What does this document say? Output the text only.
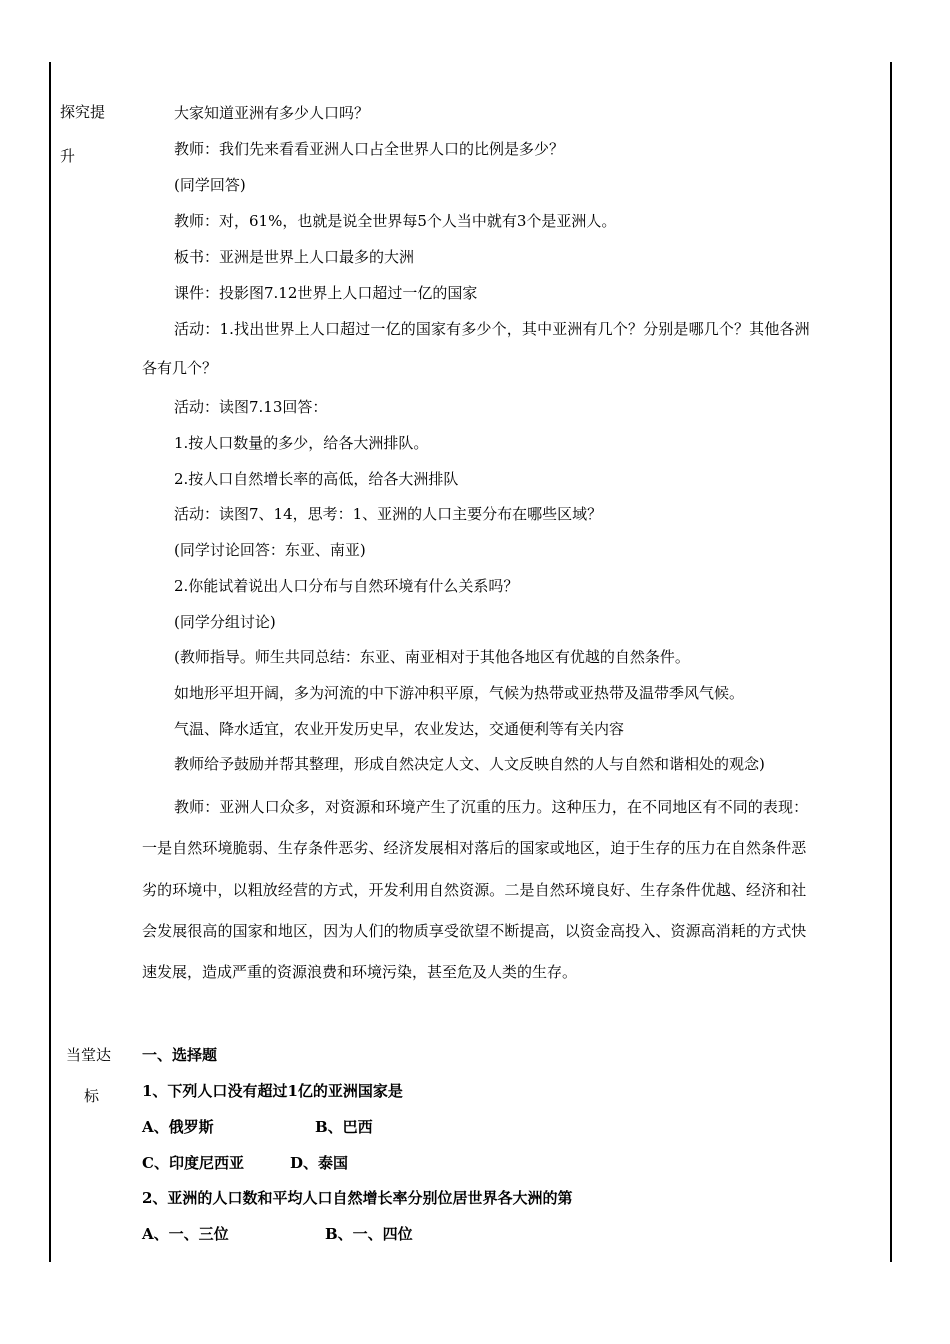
探究提
升
大家知道亚洲有多少人口吗？
教师：我们先来看看亚洲人口占全世界人口的比例是多少？
(同学回答)
教师：对，61%，也就是说全世界每5个人当中就有3个是亚洲人。
板书：亚洲是世界上人口最多的大洲
课件：投影图7.12世界上人口超过一亿的国家
活动：1.找出世界上人口超过一亿的国家有多少个，其中亚洲有几个？分别是哪几个？其他各洲
各有几个？
活动：读图7.13回答：
1.按人口数量的多少，给各大洲排队。
2.按人口自然增长率的高低，给各大洲排队
活动：读图7、14，思考：1、亚洲的人口主要分布在哪些区域？
(同学讨论回答：东亚、南亚)
2.你能试着说出人口分布与自然环境有什么关系吗？
(同学分组讨论)
(教师指导。师生共同总结：东亚、南亚相对于其他各地区有优越的自然条件。
如地形平坦开阔，多为河流的中下游冲积平原，气候为热带或亚热带及温带季风气候。
气温、降水适宜，农业开发历史早，农业发达，交通便利等有关内容
教师给予鼓励并帮其整理，形成自然决定人文、人文反映自然的人与自然和谐相处的观念)
教师：亚洲人口众多，对资源和环境产生了沉重的压力。这种压力，在不同地区有不同的表现：
一是自然环境脆弱、生存条件恶劣、经济发展相对落后的国家或地区，迫于生存的压力在自然条件恶
劣的环境中，以粗放经营的方式，开发利用自然资源。二是自然环境良好、生存条件优越、经济和社
会发展很高的国家和地区，因为人们的物质享受欲望不断提高，以资金高投入、资源高消耗的方式快
速发展，造成严重的资源浪费和环境污染，甚至危及人类的生存。
当堂达
标
一、选择题
1、下列人口没有超过1亿的亚洲国家是
A、俄罗斯	B、巴西
C、印度尼西亚	D、泰国
2、亚洲的人口数和平均人口自然增长率分别位居世界各大洲的第
A、一、三位	B、一、四位
